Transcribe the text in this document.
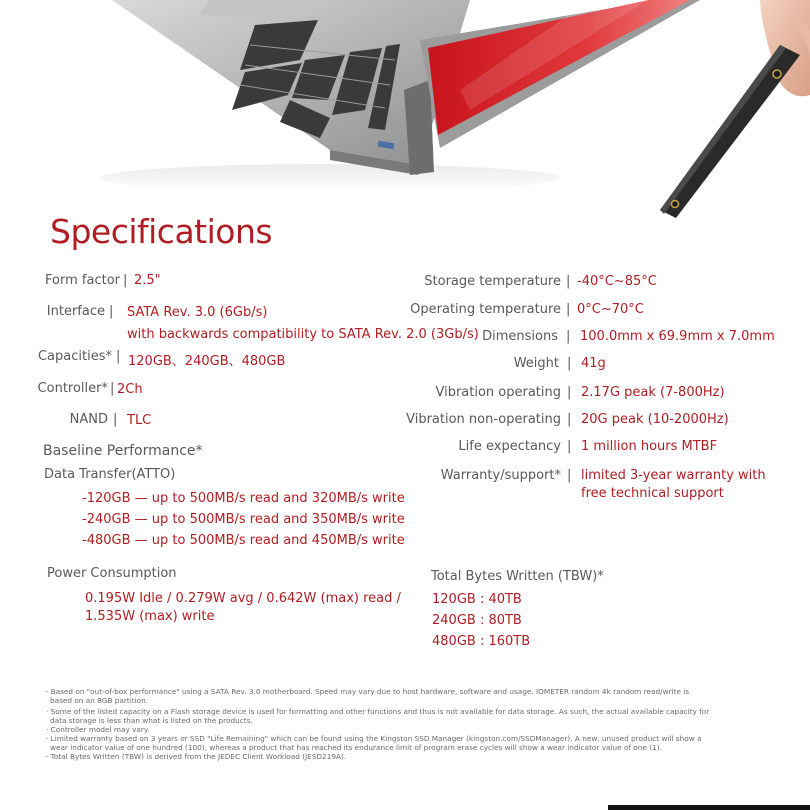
Specifications
Form factor | 2.5"
Interface | SATA Rev. 3.0 (6Gb/s)
with backwards compatibility to SATA Rev. 2.0 (3Gb/s)
Capacities* | 120GB、240GB、480GB
Controller* | 2Ch
NAND | TLC
Storage temperature | -40°C~85°C
Operating temperature | 0°C~70°C
Dimensions | 100.0mm x 69.9mm x 7.0mm
Weight | 41g
Vibration operating | 2.17G peak (7-800Hz)
Vibration non-operating | 20G peak (10-2000Hz)
Life expectancy | 1 million hours MTBF
Warranty/support* | limited 3-year warranty with
free technical support
Baseline Performance*
Data Transfer(ATTO)
-120GB — up to 500MB/s read and 320MB/s write
-240GB — up to 500MB/s read and 350MB/s write
-480GB — up to 500MB/s read and 450MB/s write
Power Consumption
0.195W Idle / 0.279W avg / 0.642W (max) read /
1.535W (max) write
Total Bytes Written (TBW)*
120GB : 40TB
240GB : 80TB
480GB : 160TB
· Based on "out-of-box performance" using a SATA Rev. 3.0 motherboard. Speed may vary due to host hardware, software and usage. IOMETER random 4k random read/write is
based on an 8GB partition.
· Some of the listed capacity on a Flash storage device is used for formatting and other functions and thus is not available for data storage. As such, the actual available capacity for
data storage is less than what is listed on the products.
· Controller model may vary.
· Limited warranty based on 3 years or SSD "Life Remaining" which can be found using the Kingston SSD Manager (kingston.com/SSDManager). A new, unused product will show a
wear indicator value of one hundred (100), whereas a product that has reached its endurance limit of program erase cycles will show a wear indicator value of one (1).
· Total Bytes Written (TBW) is derived from the JEDEC Client Workload (JESD219A).
